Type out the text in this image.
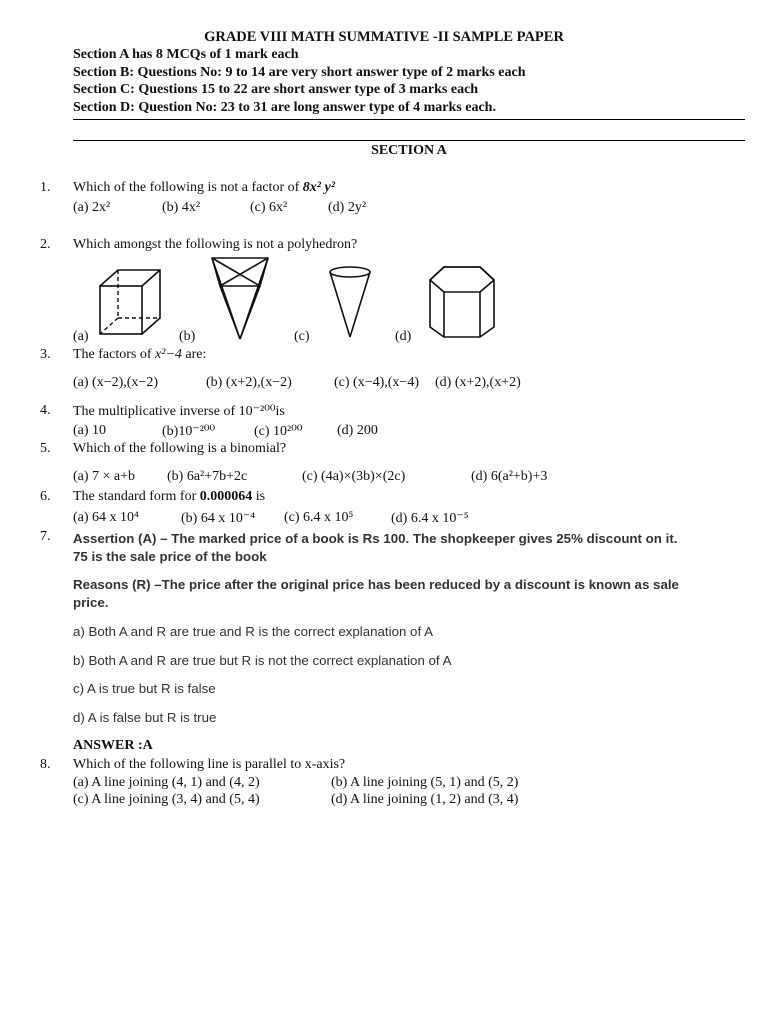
GRADE VIII MATH SUMMATIVE -II SAMPLE PAPER
Section A has 8 MCQs of 1 mark each
Section B: Questions No: 9 to 14 are very short answer type of 2 marks each
Section C: Questions 15 to 22 are short answer type of 3 marks each
Section D: Question No: 23 to 31 are long answer type of 4 marks each.
SECTION A
1. Which of the following is not a factor of 8x² y²
(a) 2x²	(b) 4x²	(c) 6x²	(d) 2y²
2. Which amongst the following is not a polyhedron?
(a)	(b)	(c)	(d)
3. The factors of x²−4 are:
(a) (x−2),(x−2)	(b) (x+2),(x−2)	(c) (x−4),(x−4) (d) (x+2),(x+2)
4. The multiplicative inverse of 10⁻²⁰⁰is
(a) 10	(b)10⁻²⁰⁰	(c) 10²⁰⁰ (d) 200
5. Which of the following is a binomial?
(a) 7 × a+b (b) 6a²+7b+2c	(c) (4a)×(3b)×(2c)	(d) 6(a²+b)+3
6. The standard form for 0.000064 is
(a) 64 x 10⁴	(b) 64 x 10⁻⁴ (c) 6.4 x 10⁵	(d) 6.4 x 10⁻⁵
7. Assertion (A) – The marked price of a book is Rs 100. The shopkeeper gives 25% discount on it.
75 is the sale price of the book
Reasons (R) –The price after the original price has been reduced by a discount is known as sale
price.
a) Both A and R are true and R is the correct explanation of A
b) Both A and R are true but R is not the correct explanation of A
c) A is true but R is false
d) A is false but R is true
ANSWER :A
8. Which of the following line is parallel to x-axis?
(a) A line joining (4, 1) and (4, 2)	(b) A line joining (5, 1) and (5, 2)
(c) A line joining (3, 4) and (5, 4)	(d) A line joining (1, 2) and (3, 4)
